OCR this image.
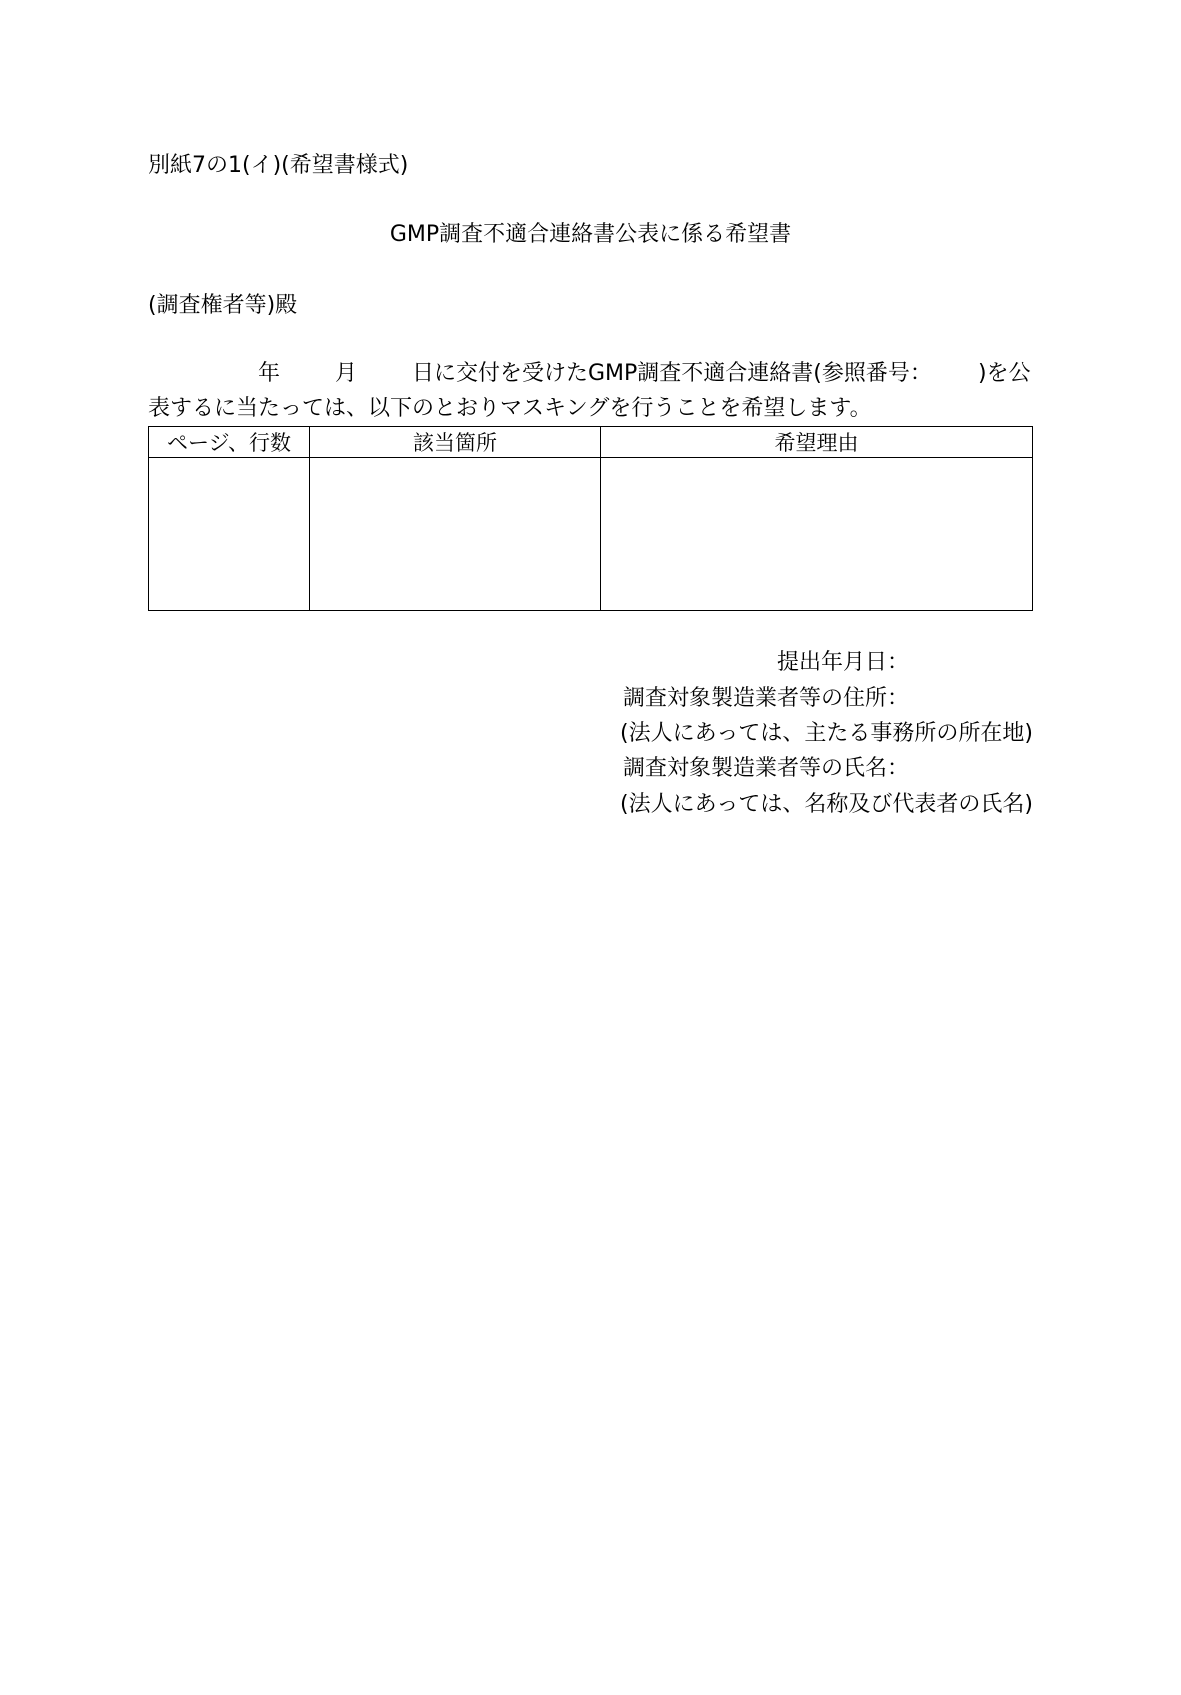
別紙7の1(イ)(希望書様式)
GMP調査不適合連絡書公表に係る希望書
(調査権者等)殿
年 月 日に交付を受けたGMP調査不適合連絡書(参照番号： )を公
表するに当たっては、以下のとおりマスキングを行うことを希望します。
ページ、行数	該当箇所	希望理由

提出年月日：
調査対象製造業者等の住所：
(法人にあっては、主たる事務所の所在地)
調査対象製造業者等の氏名：
(法人にあっては、名称及び代表者の氏名)
